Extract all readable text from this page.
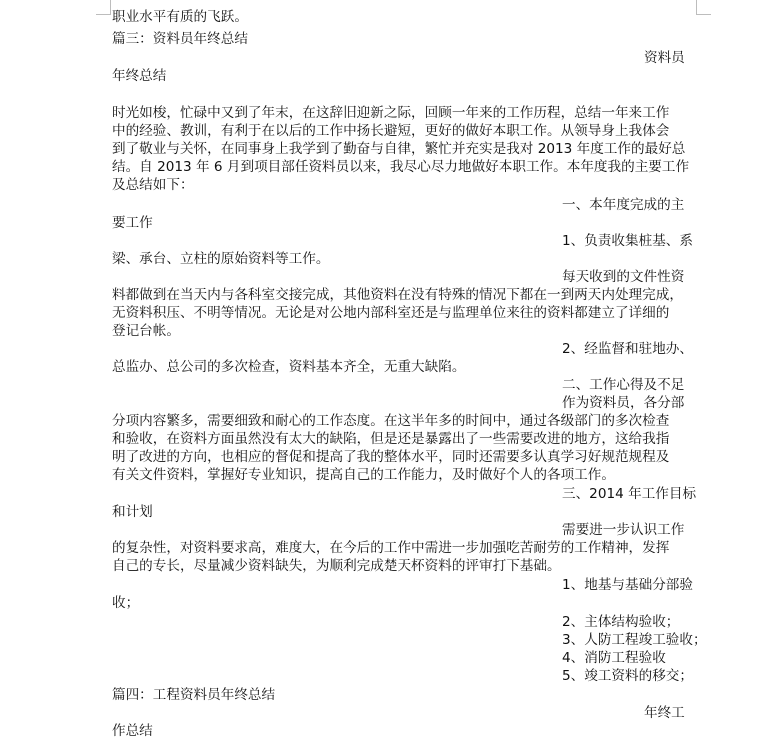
职业水平有质的飞跃。
篇三：资料员年终总结
资料员
年终总结
时光如梭，忙碌中又到了年末，在这辞旧迎新之际，回顾一年来的工作历程，总结一年来工作
中的经验、教训，有利于在以后的工作中扬长避短，更好的做好本职工作。从领导身上我体会
到了敬业与关怀，在同事身上我学到了勤奋与自律，繁忙并充实是我对 2013 年度工作的最好总
结。自 2013 年 6 月到项目部任资料员以来，我尽心尽力地做好本职工作。本年度我的主要工作
及总结如下：
一、本年度完成的主
要工作
1、负责收集桩基、系
梁、承台、立柱的原始资料等工作。
每天收到的文件性资
料都做到在当天内与各科室交接完成，其他资料在没有特殊的情况下都在一到两天内处理完成，
无资料积压、不明等情况。无论是对公地内部科室还是与监理单位来往的资料都建立了详细的
登记台帐。
2、经监督和驻地办、
总监办、总公司的多次检查，资料基本齐全，无重大缺陷。
二、工作心得及不足
作为资料员，各分部
分项内容繁多，需要细致和耐心的工作态度。在这半年多的时间中，通过各级部门的多次检查
和验收，在资料方面虽然没有太大的缺陷，但是还是暴露出了一些需要改进的地方，这给我指
明了改进的方向，也相应的督促和提高了我的整体水平，同时还需要多认真学习好规范规程及
有关文件资料，掌握好专业知识，提高自己的工作能力，及时做好个人的各项工作。
三、2014 年工作目标
和计划
需要进一步认识工作
的复杂性，对资料要求高，难度大，在今后的工作中需进一步加强吃苦耐劳的工作精神，发挥
自己的专长，尽量减少资料缺失，为顺利完成楚天杯资料的评审打下基础。
1、地基与基础分部验
收；
2、主体结构验收；
3、人防工程竣工验收；
4、消防工程验收
5、竣工资料的移交；
篇四：工程资料员年终总结
年终工
作总结
